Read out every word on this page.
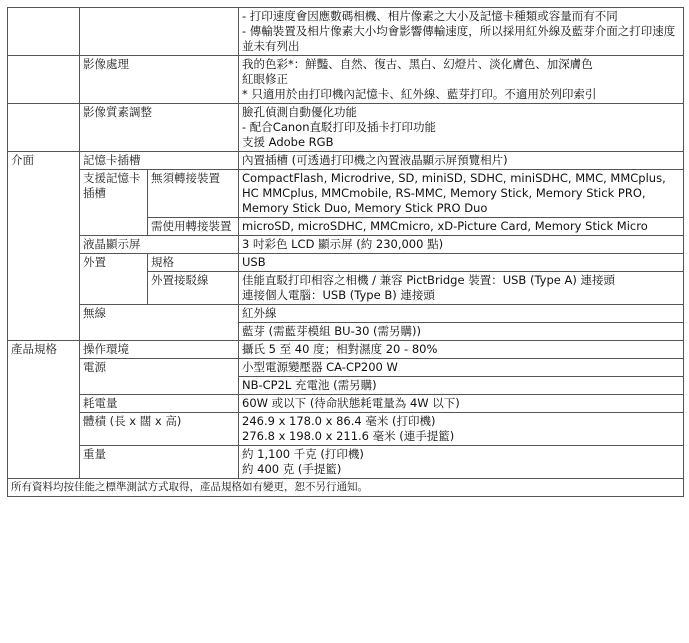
			- 打印速度會因應數碼相機、相片像素之大小及記憶卡種類或容量而有不同
- 傳輸裝置及相片像素大小均會影響傳輸速度，所以採用紅外線及藍芽介面之打印速度並未有列出

	影像處理		我的色彩*：鮮豔、自然、復古、黑白、幻燈片、淡化膚色、加深膚色
紅眼修正
* 只適用於由打印機內記憶卡、紅外線、藍芽打印。不適用於列印索引

	影像質素調整		臉孔偵測自動優化功能
- 配合Canon直駁打印及插卡打印功能
支援 Adobe RGB

介面	記憶卡插槽		內置插槽 (可透過打印機之內置液晶顯示屏預覽相片)
	支援記憶卡插槽	無須轉接裝置	CompactFlash, Microdrive, SD, miniSD, SDHC, miniSDHC, MMC, MMCplus, HC MMCplus, MMCmobile, RS-MMC, Memory Stick, Memory Stick PRO, Memory Stick Duo, Memory Stick PRO Duo
		需使用轉接裝置	microSD, microSDHC, MMCmicro, xD-Picture Card, Memory Stick Micro
	液晶顯示屏		3 吋彩色 LCD 顯示屏 (約 230,000 點)
	外置	規格	USB
		外置接駁線	佳能直駁打印相容之相機 / 兼容 PictBridge 裝置：USB (Type A) 連接頭
連接個人電腦：USB (Type B) 連接頭

	無線		紅外線
藍芽 (需藍芽模組 BU-30 (需另購))

產品規格	操作環境		攝氏 5 至 40 度；相對濕度 20 - 80%
	電源		小型電源變壓器 CA-CP200 W
NB-CP2L 充電池 (需另購)

	耗電量		60W 或以下 (待命狀態耗電量為 4W 以下)
	體積 (長 x 闊 x 高)		246.9 x 178.0 x 86.4 毫米 (打印機)
276.8 x 198.0 x 211.6 毫米 (連手提籃)

	重量		約 1,100 千克 (打印機)
約 400 克 (手提籃)

所有資料均按佳能之標準測試方式取得，產品規格如有變更，恕不另行通知。			
